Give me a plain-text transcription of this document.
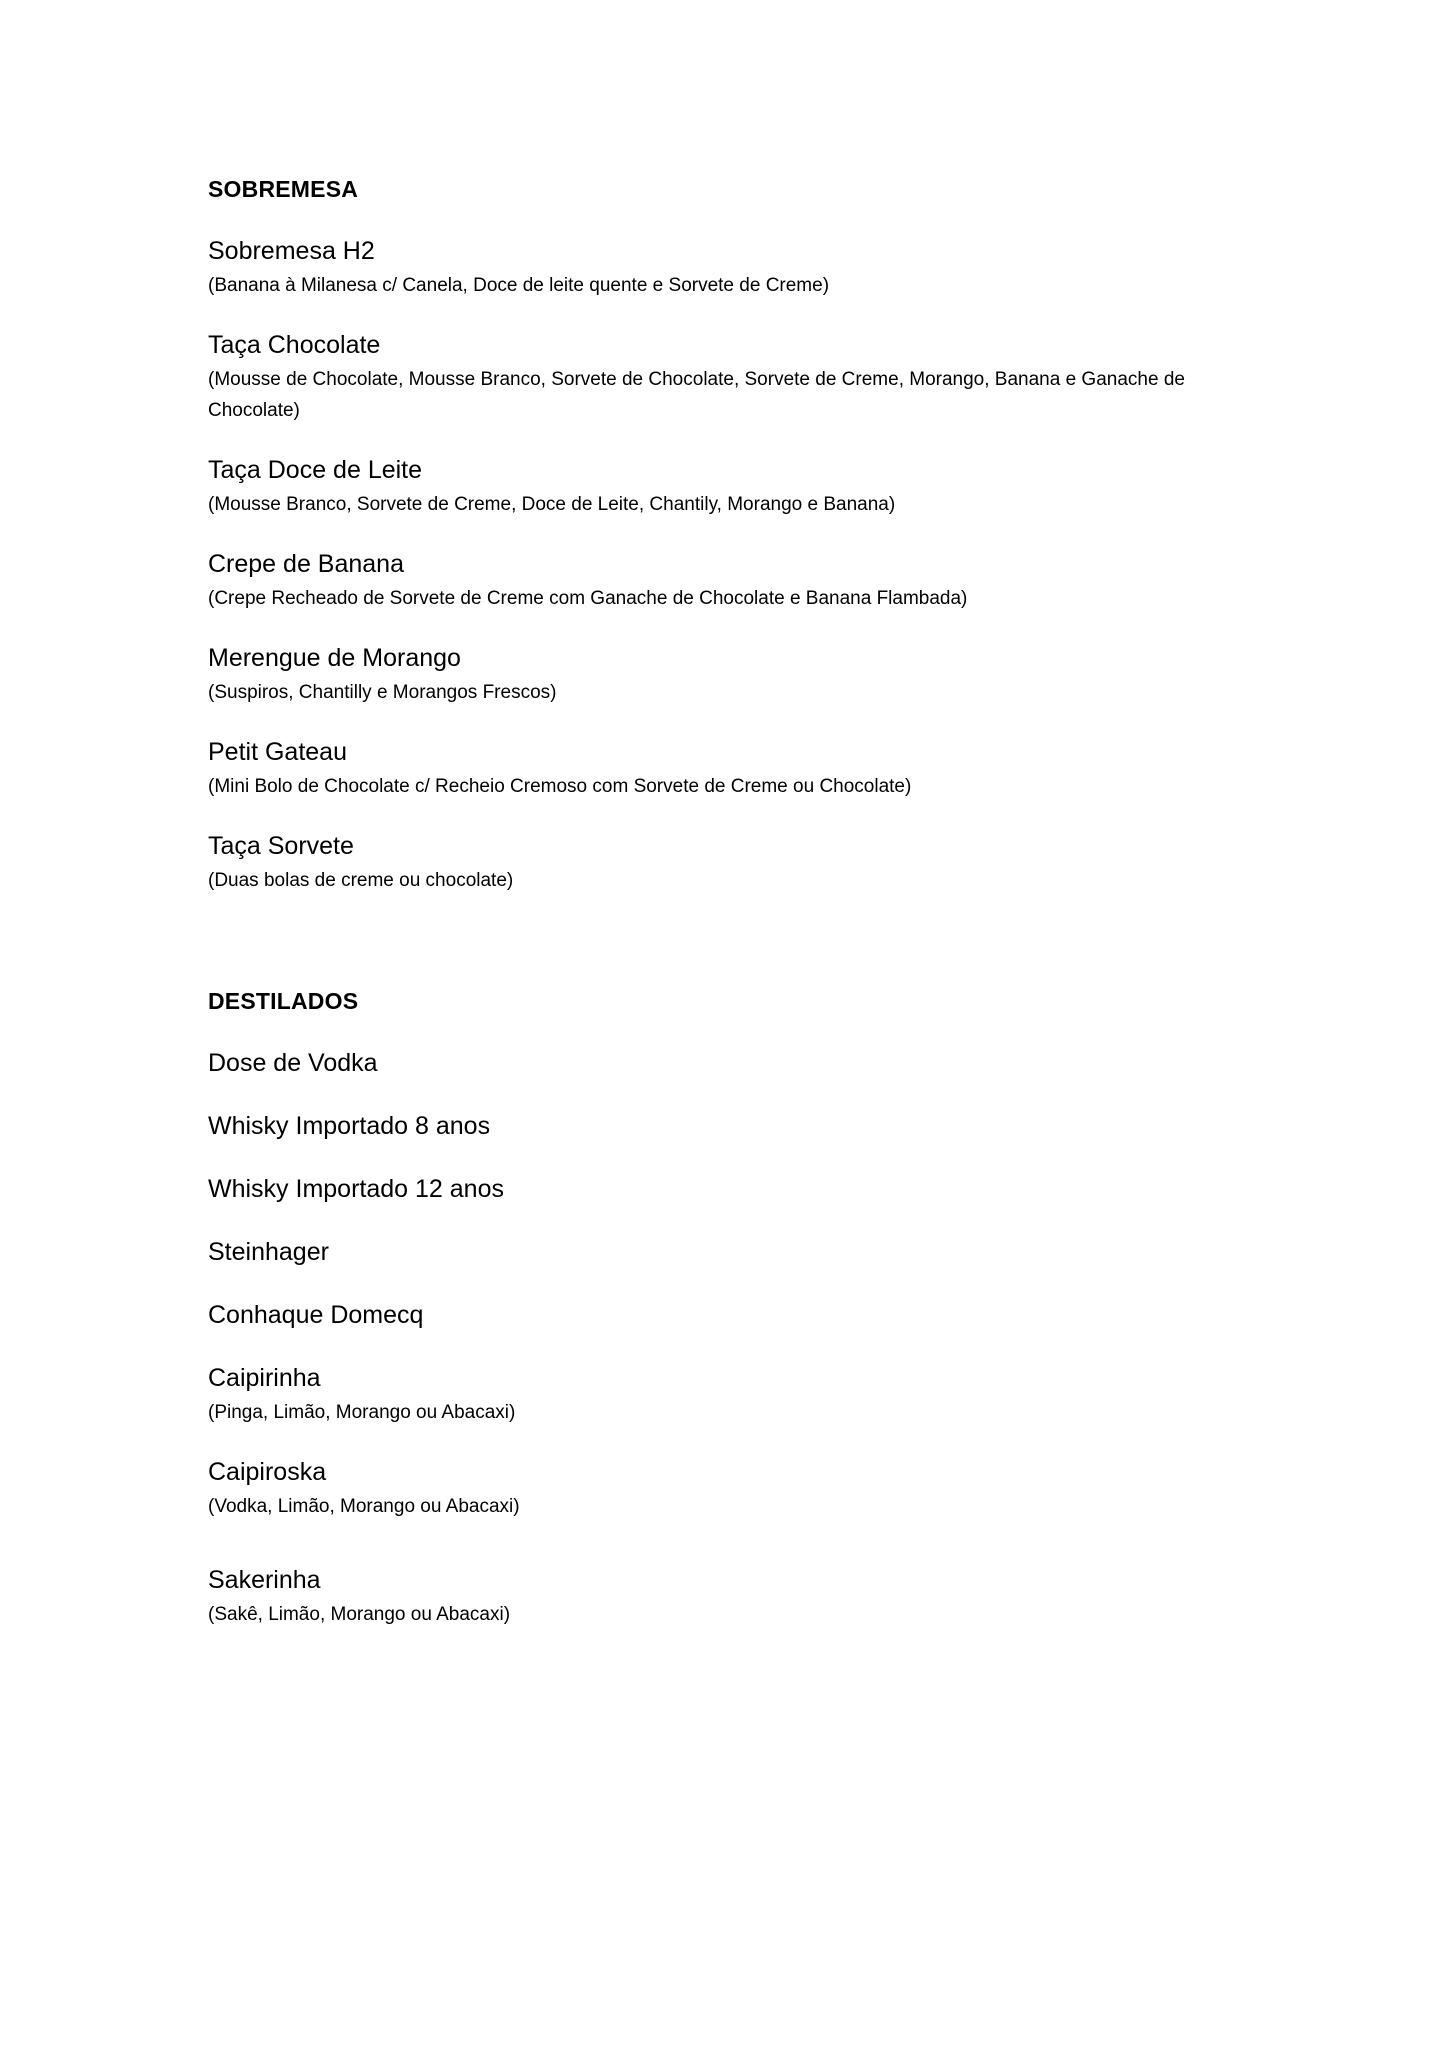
SOBREMESA

Sobremesa H2

(Banana à Milanesa c/ Canela, Doce de leite quente e Sorvete de Creme)

Taça Chocolate

(Mousse de Chocolate, Mousse Branco, Sorvete de Chocolate, Sorvete de Creme, Morango, Banana e Ganache de Chocolate)

Taça Doce de Leite

(Mousse Branco, Sorvete de Creme, Doce de Leite, Chantily, Morango e Banana)

Crepe de Banana

(Crepe Recheado de Sorvete de Creme com Ganache de Chocolate e Banana Flambada)

Merengue de Morango

(Suspiros, Chantilly e Morangos Frescos)

Petit Gateau

(Mini Bolo de Chocolate c/ Recheio Cremoso com Sorvete de Creme ou Chocolate)

Taça Sorvete

(Duas bolas de creme ou chocolate)

DESTILADOS

Dose de Vodka

Whisky Importado 8 anos

Whisky Importado 12 anos

Steinhager

Conhaque Domecq

Caipirinha

(Pinga, Limão, Morango ou Abacaxi)

Caipiroska

(Vodka, Limão, Morango ou Abacaxi)

Sakerinha

(Sakê, Limão, Morango ou Abacaxi)
